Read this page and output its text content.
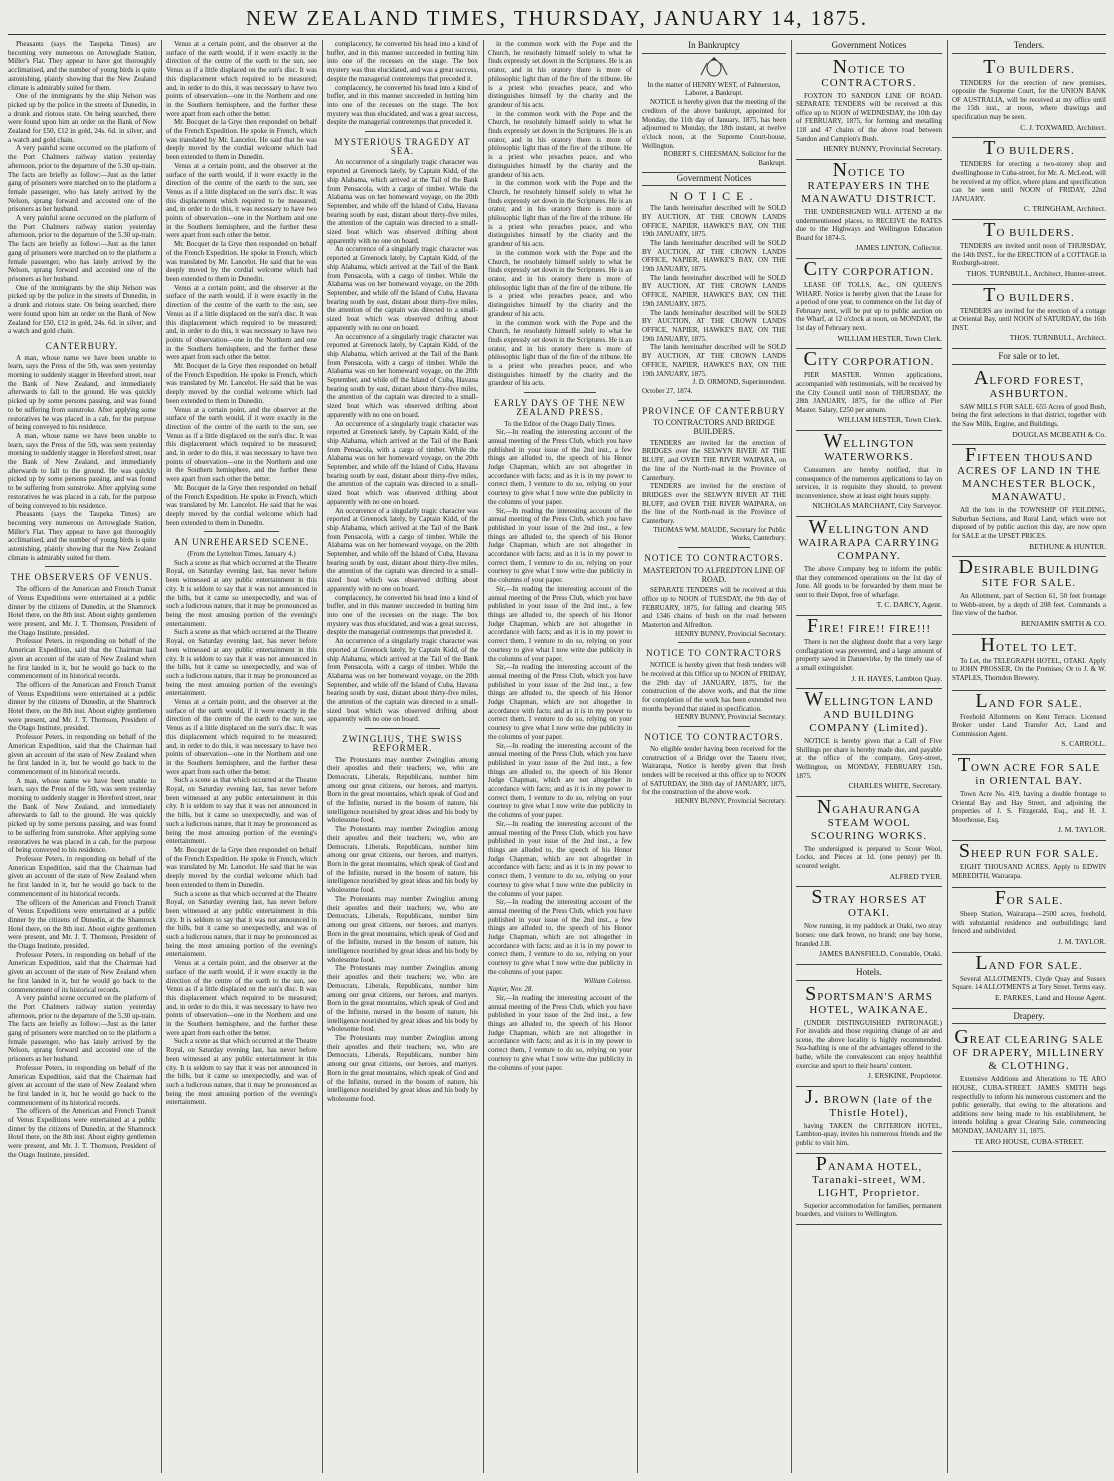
NEW ZEALAND TIMES, THURSDAY, JANUARY 14, 1875.

Pheasants (says the Taupeka Times) are becoming very numerous on Arrowglade Station, Miller's Flat. They appear to have got thoroughly acclimatised, and the number of young birds is quite astonishing, plainly showing that the New Zealand climate is admirably suited for them.

One of the immigrants by the ship Nelson was picked up by the police in the streets of Dunedin, in a drunk and riotous state. On being searched, there were found upon him an order on the Bank of New Zealand for £50, £12 in gold, 24s. 6d. in silver, and a watch and gold chain.

A very painful scene occurred on the platform of the Port Chalmers railway station yesterday afternoon, prior to the departure of the 5.30 up-train. The facts are briefly as follow:—Just as the latter gang of prisoners were marched on to the platform a female passenger, who has lately arrived by the Nelson, sprang forward and accosted one of the prisoners as her husband.

A very painful scene occurred on the platform of the Port Chalmers railway station yesterday afternoon, prior to the departure of the 5.30 up-train. The facts are briefly as follow:—Just as the latter gang of prisoners were marched on to the platform a female passenger, who has lately arrived by the Nelson, sprang forward and accosted one of the prisoners as her husband.

One of the immigrants by the ship Nelson was picked up by the police in the streets of Dunedin, in a drunk and riotous state. On being searched, there were found upon him an order on the Bank of New Zealand for £50, £12 in gold, 24s. 6d. in silver, and a watch and gold chain.

CANTERBURY.

A man, whose name we have been unable to learn, says the Press of the 5th, was seen yesterday morning to suddenly stagger in Hereford street, near the Bank of New Zealand, and immediately afterwards to fall to the ground. He was quickly picked up by some persons passing, and was found to be suffering from sunstroke. After applying some restoratives he was placed in a cab, for the purpose of being conveyed to his residence.

A man, whose name we have been unable to learn, says the Press of the 5th, was seen yesterday morning to suddenly stagger in Hereford street, near the Bank of New Zealand, and immediately afterwards to fall to the ground. He was quickly picked up by some persons passing, and was found to be suffering from sunstroke. After applying some restoratives he was placed in a cab, for the purpose of being conveyed to his residence.

Pheasants (says the Taupeka Times) are becoming very numerous on Arrowglade Station, Miller's Flat. They appear to have got thoroughly acclimatised, and the number of young birds is quite astonishing, plainly showing that the New Zealand climate is admirably suited for them.

THE OBSERVERS OF VENUS.

The officers of the American and French Transit of Venus Expeditions were entertained at a public dinner by the citizens of Dunedin, at the Shamrock Hotel there, on the 8th inst. About eighty gentlemen were present, and Mr. J. T. Thomson, President of the Otago Institute, presided.

Professor Peters, in responding on behalf of the American Expedition, said that the Chairman had given an account of the state of New Zealand when he first landed in it, but he would go back to the commencement of its historical records.

The officers of the American and French Transit of Venus Expeditions were entertained at a public dinner by the citizens of Dunedin, at the Shamrock Hotel there, on the 8th inst. About eighty gentlemen were present, and Mr. J. T. Thomson, President of the Otago Institute, presided.

Professor Peters, in responding on behalf of the American Expedition, said that the Chairman had given an account of the state of New Zealand when he first landed in it, but he would go back to the commencement of its historical records.

A man, whose name we have been unable to learn, says the Press of the 5th, was seen yesterday morning to suddenly stagger in Hereford street, near the Bank of New Zealand, and immediately afterwards to fall to the ground. He was quickly picked up by some persons passing, and was found to be suffering from sunstroke. After applying some restoratives he was placed in a cab, for the purpose of being conveyed to his residence.

Professor Peters, in responding on behalf of the American Expedition, said that the Chairman had given an account of the state of New Zealand when he first landed in it, but he would go back to the commencement of its historical records.

The officers of the American and French Transit of Venus Expeditions were entertained at a public dinner by the citizens of Dunedin, at the Shamrock Hotel there, on the 8th inst. About eighty gentlemen were present, and Mr. J. T. Thomson, President of the Otago Institute, presided.

Professor Peters, in responding on behalf of the American Expedition, said that the Chairman had given an account of the state of New Zealand when he first landed in it, but he would go back to the commencement of its historical records.

A very painful scene occurred on the platform of the Port Chalmers railway station yesterday afternoon, prior to the departure of the 5.30 up-train. The facts are briefly as follow:—Just as the latter gang of prisoners were marched on to the platform a female passenger, who has lately arrived by the Nelson, sprang forward and accosted one of the prisoners as her husband.

Professor Peters, in responding on behalf of the American Expedition, said that the Chairman had given an account of the state of New Zealand when he first landed in it, but he would go back to the commencement of its historical records.

The officers of the American and French Transit of Venus Expeditions were entertained at a public dinner by the citizens of Dunedin, at the Shamrock Hotel there, on the 8th inst. About eighty gentlemen were present, and Mr. J. T. Thomson, President of the Otago Institute, presided.

Venus at a certain point, and the observer at the surface of the earth would, if it were exactly in the direction of the centre of the earth to the sun, see Venus as if a little displaced on the sun's disc. It was this displacement which required to be measured; and, in order to do this, it was necessary to have two points of observation—one in the Northern and one in the Southern hemisphere, and the further these were apart from each other the better.

Mr. Bocquet de la Grye then responded on behalf of the French Expedition. He spoke in French, which was translated by Mr. Lancelot. He said that he was deeply moved by the cordial welcome which had been extended to them in Dunedin.

Venus at a certain point, and the observer at the surface of the earth would, if it were exactly in the direction of the centre of the earth to the sun, see Venus as if a little displaced on the sun's disc. It was this displacement which required to be measured; and, in order to do this, it was necessary to have two points of observation—one in the Northern and one in the Southern hemisphere, and the further these were apart from each other the better.

Mr. Bocquet de la Grye then responded on behalf of the French Expedition. He spoke in French, which was translated by Mr. Lancelot. He said that he was deeply moved by the cordial welcome which had been extended to them in Dunedin.

Venus at a certain point, and the observer at the surface of the earth would, if it were exactly in the direction of the centre of the earth to the sun, see Venus as if a little displaced on the sun's disc. It was this displacement which required to be measured; and, in order to do this, it was necessary to have two points of observation—one in the Northern and one in the Southern hemisphere, and the further these were apart from each other the better.

Mr. Bocquet de la Grye then responded on behalf of the French Expedition. He spoke in French, which was translated by Mr. Lancelot. He said that he was deeply moved by the cordial welcome which had been extended to them in Dunedin.

Venus at a certain point, and the observer at the surface of the earth would, if it were exactly in the direction of the centre of the earth to the sun, see Venus as if a little displaced on the sun's disc. It was this displacement which required to be measured; and, in order to do this, it was necessary to have two points of observation—one in the Northern and one in the Southern hemisphere, and the further these were apart from each other the better.

Mr. Bocquet de la Grye then responded on behalf of the French Expedition. He spoke in French, which was translated by Mr. Lancelot. He said that he was deeply moved by the cordial welcome which had been extended to them in Dunedin.

AN UNREHEARSED SCENE.
(From the Lyttelton Times, January 4.)

Such a scene as that which occurred at the Theatre Royal, on Saturday evening last, has never before been witnessed at any public entertainment in this city. It is seldom to say that it was not announced in the bills, but it came so unexpectedly, and was of such a ludicrous nature, that it may be pronounced as being the most amusing portion of the evening's entertainment.

Such a scene as that which occurred at the Theatre Royal, on Saturday evening last, has never before been witnessed at any public entertainment in this city. It is seldom to say that it was not announced in the bills, but it came so unexpectedly, and was of such a ludicrous nature, that it may be pronounced as being the most amusing portion of the evening's entertainment.

Venus at a certain point, and the observer at the surface of the earth would, if it were exactly in the direction of the centre of the earth to the sun, see Venus as if a little displaced on the sun's disc. It was this displacement which required to be measured; and, in order to do this, it was necessary to have two points of observation—one in the Northern and one in the Southern hemisphere, and the further these were apart from each other the better.

Such a scene as that which occurred at the Theatre Royal, on Saturday evening last, has never before been witnessed at any public entertainment in this city. It is seldom to say that it was not announced in the bills, but it came so unexpectedly, and was of such a ludicrous nature, that it may be pronounced as being the most amusing portion of the evening's entertainment.

Mr. Bocquet de la Grye then responded on behalf of the French Expedition. He spoke in French, which was translated by Mr. Lancelot. He said that he was deeply moved by the cordial welcome which had been extended to them in Dunedin.

Such a scene as that which occurred at the Theatre Royal, on Saturday evening last, has never before been witnessed at any public entertainment in this city. It is seldom to say that it was not announced in the bills, but it came so unexpectedly, and was of such a ludicrous nature, that it may be pronounced as being the most amusing portion of the evening's entertainment.

Venus at a certain point, and the observer at the surface of the earth would, if it were exactly in the direction of the centre of the earth to the sun, see Venus as if a little displaced on the sun's disc. It was this displacement which required to be measured; and, in order to do this, it was necessary to have two points of observation—one in the Northern and one in the Southern hemisphere, and the further these were apart from each other the better.

Such a scene as that which occurred at the Theatre Royal, on Saturday evening last, has never before been witnessed at any public entertainment in this city. It is seldom to say that it was not announced in the bills, but it came so unexpectedly, and was of such a ludicrous nature, that it may be pronounced as being the most amusing portion of the evening's entertainment.

complacency, he converted his head into a kind of buffer, and in this manner succeeded in butting him into one of the recesses on the stage. The box mystery was thus elucidated, and was a great success, despite the managerial contretemps that preceded it.

complacency, he converted his head into a kind of buffer, and in this manner succeeded in butting him into one of the recesses on the stage. The box mystery was thus elucidated, and was a great success, despite the managerial contretemps that preceded it.

MYSTERIOUS TRAGEDY AT SEA.

An occurrence of a singularly tragic character was reported at Greenock lately, by Captain Kidd, of the ship Alabama, which arrived at the Tail of the Bank from Pensacola, with a cargo of timber. While the Alabama was on her homeward voyage, on the 20th September, and while off the Island of Cuba, Havana bearing south by east, distant about thirty-five miles, the attention of the captain was directed to a small-sized boat which was observed drifting about apparently with no one on board.

An occurrence of a singularly tragic character was reported at Greenock lately, by Captain Kidd, of the ship Alabama, which arrived at the Tail of the Bank from Pensacola, with a cargo of timber. While the Alabama was on her homeward voyage, on the 20th September, and while off the Island of Cuba, Havana bearing south by east, distant about thirty-five miles, the attention of the captain was directed to a small-sized boat which was observed drifting about apparently with no one on board.

An occurrence of a singularly tragic character was reported at Greenock lately, by Captain Kidd, of the ship Alabama, which arrived at the Tail of the Bank from Pensacola, with a cargo of timber. While the Alabama was on her homeward voyage, on the 20th September, and while off the Island of Cuba, Havana bearing south by east, distant about thirty-five miles, the attention of the captain was directed to a small-sized boat which was observed drifting about apparently with no one on board.

An occurrence of a singularly tragic character was reported at Greenock lately, by Captain Kidd, of the ship Alabama, which arrived at the Tail of the Bank from Pensacola, with a cargo of timber. While the Alabama was on her homeward voyage, on the 20th September, and while off the Island of Cuba, Havana bearing south by east, distant about thirty-five miles, the attention of the captain was directed to a small-sized boat which was observed drifting about apparently with no one on board.

An occurrence of a singularly tragic character was reported at Greenock lately, by Captain Kidd, of the ship Alabama, which arrived at the Tail of the Bank from Pensacola, with a cargo of timber. While the Alabama was on her homeward voyage, on the 20th September, and while off the Island of Cuba, Havana bearing south by east, distant about thirty-five miles, the attention of the captain was directed to a small-sized boat which was observed drifting about apparently with no one on board.

complacency, he converted his head into a kind of buffer, and in this manner succeeded in butting him into one of the recesses on the stage. The box mystery was thus elucidated, and was a great success, despite the managerial contretemps that preceded it.

An occurrence of a singularly tragic character was reported at Greenock lately, by Captain Kidd, of the ship Alabama, which arrived at the Tail of the Bank from Pensacola, with a cargo of timber. While the Alabama was on her homeward voyage, on the 20th September, and while off the Island of Cuba, Havana bearing south by east, distant about thirty-five miles, the attention of the captain was directed to a small-sized boat which was observed drifting about apparently with no one on board.

ZWINGLIUS, THE SWISS REFORMER.

The Protestants may number Zwinglius among their apostles and their teachers; we, who are Democrats, Liberals, Republicans, number him among our great citizens, our heroes, and martyrs. Born in the great mountains, which speak of God and of the Infinite, nursed in the bosom of nature, his intelligence nourished by great ideas and his body by wholesome food.

The Protestants may number Zwinglius among their apostles and their teachers; we, who are Democrats, Liberals, Republicans, number him among our great citizens, our heroes, and martyrs. Born in the great mountains, which speak of God and of the Infinite, nursed in the bosom of nature, his intelligence nourished by great ideas and his body by wholesome food.

The Protestants may number Zwinglius among their apostles and their teachers; we, who are Democrats, Liberals, Republicans, number him among our great citizens, our heroes, and martyrs. Born in the great mountains, which speak of God and of the Infinite, nursed in the bosom of nature, his intelligence nourished by great ideas and his body by wholesome food.

The Protestants may number Zwinglius among their apostles and their teachers; we, who are Democrats, Liberals, Republicans, number him among our great citizens, our heroes, and martyrs. Born in the great mountains, which speak of God and of the Infinite, nursed in the bosom of nature, his intelligence nourished by great ideas and his body by wholesome food.

The Protestants may number Zwinglius among their apostles and their teachers; we, who are Democrats, Liberals, Republicans, number him among our great citizens, our heroes, and martyrs. Born in the great mountains, which speak of God and of the Infinite, nursed in the bosom of nature, his intelligence nourished by great ideas and his body by wholesome food.

in the common work with the Pope and the Church, he resolutely himself solely to what he finds expressly set down in the Scriptures. He is an orator, and in his oratory there is more of philosophic light than of the fire of the tribune. He is a priest who preaches peace, and who distinguishes himself by the charity and the grandeur of his acts.

in the common work with the Pope and the Church, he resolutely himself solely to what he finds expressly set down in the Scriptures. He is an orator, and in his oratory there is more of philosophic light than of the fire of the tribune. He is a priest who preaches peace, and who distinguishes himself by the charity and the grandeur of his acts.

in the common work with the Pope and the Church, he resolutely himself solely to what he finds expressly set down in the Scriptures. He is an orator, and in his oratory there is more of philosophic light than of the fire of the tribune. He is a priest who preaches peace, and who distinguishes himself by the charity and the grandeur of his acts.

in the common work with the Pope and the Church, he resolutely himself solely to what he finds expressly set down in the Scriptures. He is an orator, and in his oratory there is more of philosophic light than of the fire of the tribune. He is a priest who preaches peace, and who distinguishes himself by the charity and the grandeur of his acts.

in the common work with the Pope and the Church, he resolutely himself solely to what he finds expressly set down in the Scriptures. He is an orator, and in his oratory there is more of philosophic light than of the fire of the tribune. He is a priest who preaches peace, and who distinguishes himself by the charity and the grandeur of his acts.

EARLY DAYS OF THE NEW ZEALAND PRESS.
To the Editor of the Otago Daily Times.

Sir,—In reading the interesting account of the annual meeting of the Press Club, which you have published in your issue of the 2nd inst., a few things are alluded to, the speech of his Honor Judge Chapman, which are not altogether in accordance with facts; and as it is in my power to correct them, I venture to do so, relying on your courtesy to give what I now write due publicity in the columns of your paper.

Sir,—In reading the interesting account of the annual meeting of the Press Club, which you have published in your issue of the 2nd inst., a few things are alluded to, the speech of his Honor Judge Chapman, which are not altogether in accordance with facts; and as it is in my power to correct them, I venture to do so, relying on your courtesy to give what I now write due publicity in the columns of your paper.

Sir,—In reading the interesting account of the annual meeting of the Press Club, which you have published in your issue of the 2nd inst., a few things are alluded to, the speech of his Honor Judge Chapman, which are not altogether in accordance with facts; and as it is in my power to correct them, I venture to do so, relying on your courtesy to give what I now write due publicity in the columns of your paper.

Sir,—In reading the interesting account of the annual meeting of the Press Club, which you have published in your issue of the 2nd inst., a few things are alluded to, the speech of his Honor Judge Chapman, which are not altogether in accordance with facts; and as it is in my power to correct them, I venture to do so, relying on your courtesy to give what I now write due publicity in the columns of your paper.

Sir,—In reading the interesting account of the annual meeting of the Press Club, which you have published in your issue of the 2nd inst., a few things are alluded to, the speech of his Honor Judge Chapman, which are not altogether in accordance with facts; and as it is in my power to correct them, I venture to do so, relying on your courtesy to give what I now write due publicity in the columns of your paper.

Sir,—In reading the interesting account of the annual meeting of the Press Club, which you have published in your issue of the 2nd inst., a few things are alluded to, the speech of his Honor Judge Chapman, which are not altogether in accordance with facts; and as it is in my power to correct them, I venture to do so, relying on your courtesy to give what I now write due publicity in the columns of your paper.

Sir,—In reading the interesting account of the annual meeting of the Press Club, which you have published in your issue of the 2nd inst., a few things are alluded to, the speech of his Honor Judge Chapman, which are not altogether in accordance with facts; and as it is in my power to correct them, I venture to do so, relying on your courtesy to give what I now write due publicity in the columns of your paper.

William Colenso.
Napier, Nov. 28.

Sir,—In reading the interesting account of the annual meeting of the Press Club, which you have published in your issue of the 2nd inst., a few things are alluded to, the speech of his Honor Judge Chapman, which are not altogether in accordance with facts; and as it is in my power to correct them, I venture to do so, relying on your courtesy to give what I now write due publicity in the columns of your paper.

In Bankruptcy
In the matter of HENRY WEST, of Palmerston, Laborer, a Bankrupt.

NOTICE is hereby given that the meeting of the creditors of the above bankrupt, appointed for Monday, the 11th day of January, 1875, has been adjourned to Monday, the 18th instant, at twelve o'clock noon, at the Supreme Court-house, Wellington.

ROBERT S. CHEESMAN, Solicitor for the Bankrupt.
Government Notices
NOTICE.

The lands hereinafter described will be SOLD BY AUCTION, AT THE CROWN LANDS OFFICE, NAPIER, HAWKE'S BAY, ON THE 19th JANUARY, 1875.

The lands hereinafter described will be SOLD BY AUCTION, AT THE CROWN LANDS OFFICE, NAPIER, HAWKE'S BAY, ON THE 19th JANUARY, 1875.

The lands hereinafter described will be SOLD BY AUCTION, AT THE CROWN LANDS OFFICE, NAPIER, HAWKE'S BAY, ON THE 19th JANUARY, 1875.

The lands hereinafter described will be SOLD BY AUCTION, AT THE CROWN LANDS OFFICE, NAPIER, HAWKE'S BAY, ON THE 19th JANUARY, 1875.

The lands hereinafter described will be SOLD BY AUCTION, AT THE CROWN LANDS OFFICE, NAPIER, HAWKE'S BAY, ON THE 19th JANUARY, 1875.

J. D. ORMOND, Superintendent.
October 27, 1874.
PROVINCE OF CANTERBURY
TO CONTRACTORS AND BRIDGE BUILDERS.

TENDERS are invited for the erection of BRIDGES over the SELWYN RIVER AT THE BLUFF, and OVER THE RIVER WAIPARA, on the line of the North-road in the Province of Canterbury.

TENDERS are invited for the erection of BRIDGES over the SELWYN RIVER AT THE BLUFF, and OVER THE RIVER WAIPARA, on the line of the North-road in the Province of Canterbury.

THOMAS WM. MAUDE, Secretary for Public Works, Canterbury.
NOTICE TO CONTRACTORS.
MASTERTON TO ALFREDTON LINE OF ROAD.

SEPARATE TENDERS will be received at this office up to NOON of TUESDAY, the 9th day of FEBRUARY, 1875, for falling and clearing 505 and 1346 chains of bush on the road between Masterton and Alfredton.

HENRY BUNNY, Provincial Secretary.
NOTICE TO CONTRACTORS

NOTICE is hereby given that fresh tenders will be received at this Office up to NOON of FRIDAY, the 29th day of JANUARY, 1875, for the construction of the above work, and that the time for completion of the work has been extended two months beyond that stated in specification.

HENRY BUNNY, Provincial Secretary.
NOTICE TO CONTRACTORS.

No eligible tender having been received for the construction of a Bridge over the Taueru river, Wairarapa, Notice is hereby given that fresh tenders will be received at this office up to NOON of SATURDAY, the 30th day of JANUARY, 1875, for the construction of the above work.

HENRY BUNNY, Provincial Secretary.
Government Notices
NOTICE TO CONTRACTORS.
FOXTON TO SANDON LINE OF ROAD. SEPARATE TENDERS will be received at this office up to NOON of WEDNESDAY, the 10th day of FEBRUARY, 1875, for forming and metalling 118 and 47 chains of the above road between Sandon and Campion's Bush.
HENRY BUNNY, Provincial Secretary.
NOTICE TO RATEPAYERS IN THE MANAWATU DISTRICT.
THE UNDERSIGNED WILL ATTEND at the undermentioned places, to RECEIVE the RATES due to the Highways and Wellington Education Board for 1874-5.
JAMES LINTON, Collector.
CITY CORPORATION.
LEASE OF TOLLS, &c., ON QUEEN'S WHARF. Notice is hereby given that the Lease for a period of one year, to commence on the 1st day of February next, will be put up to public auction on the Wharf, at 12 o'clock at noon, on MONDAY, the 1st day of February next.
WILLIAM HESTER, Town Clerk.
CITY CORPORATION.
PIER MASTER. Written applications, accompanied with testimonials, will be received by the City Council until noon of THURSDAY, the 28th JANUARY, 1875, for the office of Pier Master. Salary, £250 per annum.
WILLIAM HESTER, Town Clerk.
WELLINGTON WATERWORKS.
Consumers are hereby notified, that in consequence of the numerous applications to lay on services, it is requisite they should, to prevent inconvenience, show at least eight hours supply.
NICHOLAS MARCHANT, City Surveyor.
WELLINGTON AND WAIRARAPA CARRYING COMPANY.
The above Company beg to inform the public that they commenced operations on the 1st day of June. All goods to be forwarded by them must be sent to their Depot, free of wharfage.
T. C. DARCY, Agent.
FIRE! FIRE!! FIRE!!!
There is not the slightest doubt that a very large conflagration was prevented, and a large amount of property saved in Dannevirke, by the timely use of a small extinguisher.
J. H. HAYES, Lambton Quay.
WELLINGTON LAND AND BUILDING COMPANY (Limited).
NOTICE is hereby given that a Call of Five Shillings per share is hereby made due, and payable at the office of the company, Grey-street, Wellington, on MONDAY, FEBRUARY 15th, 1875.
CHARLES WHITE, Secretary.
NGAHAURANGA STEAM WOOL SCOURING WORKS.
The undersigned is prepared to Scour Wool, Locks, and Pieces at 1d. (one penny) per lb. scoured weight.
ALFRED TYER.
STRAY HORSES AT OTAKI.
Now running, in my paddock at Otaki, two stray horses: one dark brown, no brand; one bay horse, branded J.B.
JAMES BANSFIELD, Constable, Otaki.
Hotels.
SPORTSMAN'S ARMS HOTEL, WAIKANAE.
(UNDER DISTINGUISHED PATRONAGE.) For invalids and those requiring change of air and scene, the above locality is highly recommended. Sea-bathing is one of the advantages offered to the bathe, while the convalescent can enjoy healthful exercise and sport to their hearts' content.
J. ERSKINE, Proprietor.
J. BROWN (late of the Thistle Hotel),
having TAKEN the CRITERION HOTEL, Lambton-quay, invites his numerous friends and the public to visit him.
PANAMA HOTEL, Taranaki-street, WM. LIGHT, Proprietor.
Superior accommodation for families, permanent boarders, and visitors to Wellington.
Tenders.
TO BUILDERS.
TENDERS for the erection of new premises, opposite the Supreme Court, for the UNION BANK OF AUSTRALIA, will be received at my office until the 15th inst., at noon, where drawings and specification may be seen.
C. J. TOXWARD, Architect.
TO BUILDERS.
TENDERS for erecting a two-storey shop and dwellinghouse in Cuba-street, for Mr. A. McLeod, will be received at my office, where plans and specification can be seen until NOON of FRIDAY, 22nd JANUARY.
C. TRINGHAM, Architect.
TO BUILDERS.
TENDERS are invited until noon of THURSDAY, the 14th INST., for the ERECTION of a COTTAGE in Roxburgh-street.
THOS. TURNBULL, Architect, Hunter-street.
TO BUILDERS.
TENDERS are invited for the erection of a cottage at Oriental Bay, until NOON of SATURDAY, the 16th INST.
THOS. TURNBULL, Architect.
For sale or to let.
ALFORD FOREST, ASHBURTON.
SAW MILLS FOR SALE. 655 Acres of good Bush, being the first selections in that district, together with the Saw Mills, Engine, and Buildings.
DOUGLAS MCBEATH & Co.
FIFTEEN THOUSAND ACRES OF LAND IN THE MANCHESTER BLOCK, MANAWATU.
All the lots in the TOWNSHIP OF FEILDING, Suburban Sections, and Rural Land, which were not disposed of by public auction this day, are now open for SALE at the UPSET PRICES.
BETHUNE & HUNTER.
DESIRABLE BUILDING SITE FOR SALE.
An Allotment, part of Section 61, 50 feet frontage to Webb-street, by a depth of 208 feet. Commands a fine view of the harbor.
BENJAMIN SMITH & CO.
HOTEL TO LET.
To Let, the TELEGRAPH HOTEL, OTAKI. Apply to JOHN PROSSER, On the Premises; Or to J. & W. STAPLES, Thorndon Brewery.
LAND FOR SALE.
Freehold Allotments on Kent Terrace. Licensed Broker under Land Transfer Act, Land and Commission Agent.
S. CARROLL.
TOWN ACRE FOR SALE in ORIENTAL BAY.
Town Acre No. 419, having a double frontage to Oriental Bay and Hay Street, and adjoining the properties of J. S. Fitzgerald, Esq., and H. J. Moorhouse, Esq.
J. M. TAYLOR.
SHEEP RUN FOR SALE.
EIGHT THOUSAND ACRES. Apply to EDWIN MEREDITH, Wairarapa.
FOR SALE.
Sheep Station, Wairarapa—2500 acres, freehold, with substantial residence and outbuildings; land fenced and subdivided.
J. M. TAYLOR.
LAND FOR SALE.
Several ALLOTMENTS, Clyde Quay and Sussex Square. 14 ALLOTMENTS at Tory Street. Terms easy.
E. PARKES, Land and House Agent.
Drapery.
GREAT CLEARING SALE OF DRAPERY, MILLINERY & CLOTHING.
Extensive Additions and Alterations to TE ARO HOUSE, CUBA-STREET. JAMES SMITH begs respectfully to inform his numerous customers and the public generally, that owing to the alterations and additions now being made to his establishment, he intends holding a great Clearing Sale, commencing MONDAY, JANUARY 11, 1875.
TE ARO HOUSE, CUBA-STREET.
